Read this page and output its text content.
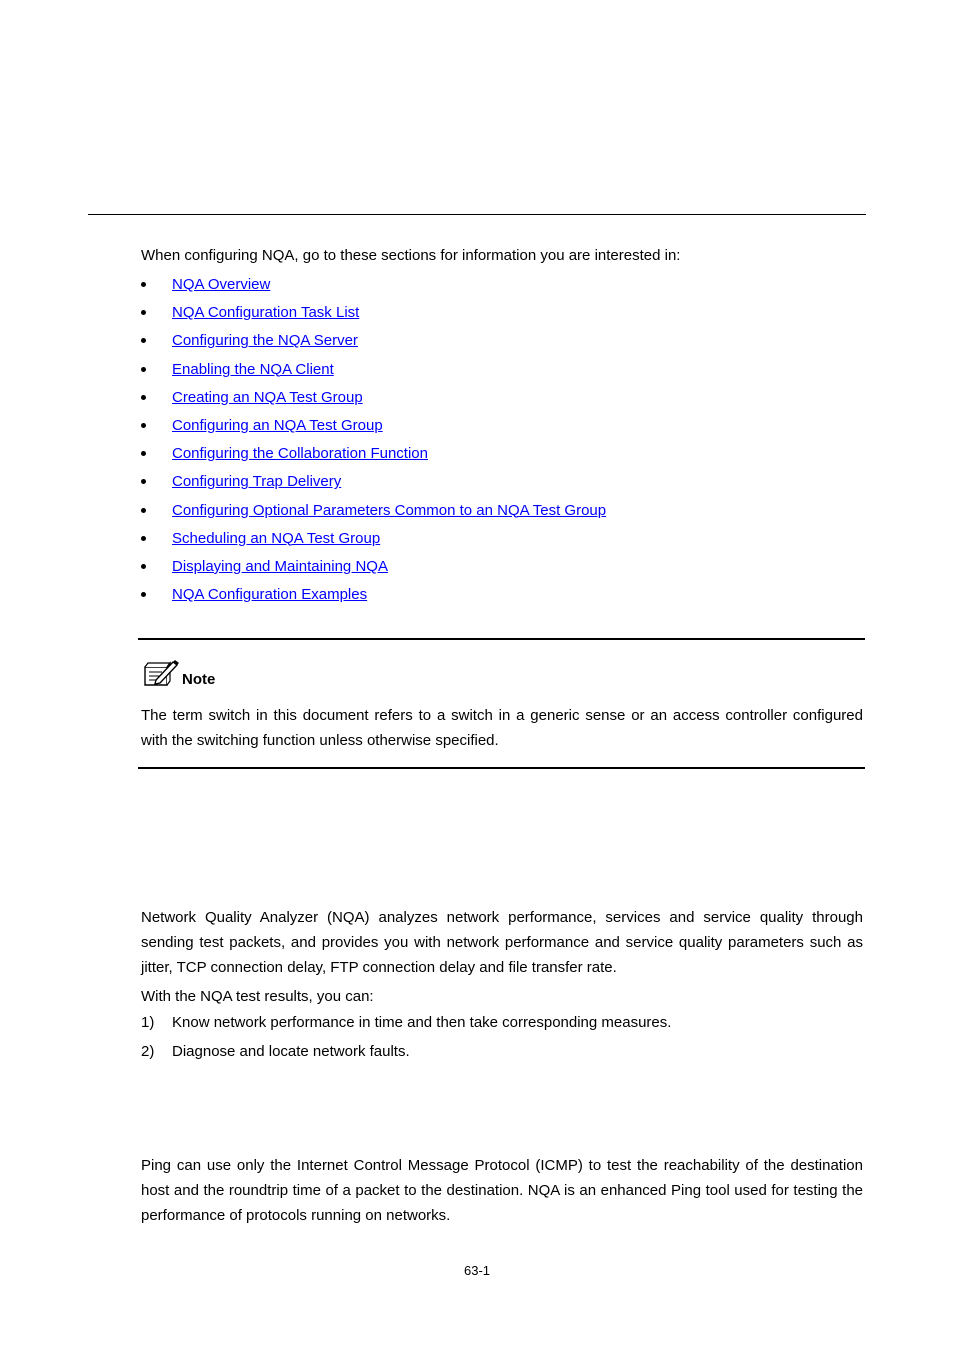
When configuring NQA, go to these sections for information you are interested in:
NQA Overview
NQA Configuration Task List
Configuring the NQA Server
Enabling the NQA Client
Creating an NQA Test Group
Configuring an NQA Test Group
Configuring the Collaboration Function
Configuring Trap Delivery
Configuring Optional Parameters Common to an NQA Test Group
Scheduling an NQA Test Group
Displaying and Maintaining NQA
NQA Configuration Examples
Note
The term switch in this document refers to a switch in a generic sense or an access controller configured with the switching function unless otherwise specified.

Network Quality Analyzer (NQA) analyzes network performance, services and service quality through sending test packets, and provides you with network performance and service quality parameters such as jitter, TCP connection delay, FTP connection delay and file transfer rate.

With the NQA test results, you can:

1) Know network performance in time and then take corresponding measures.
2) Diagnose and locate network faults.

Ping can use only the Internet Control Message Protocol (ICMP) to test the reachability of the destination host and the roundtrip time of a packet to the destination. NQA is an enhanced Ping tool used for testing the performance of protocols running on networks.

63-1
